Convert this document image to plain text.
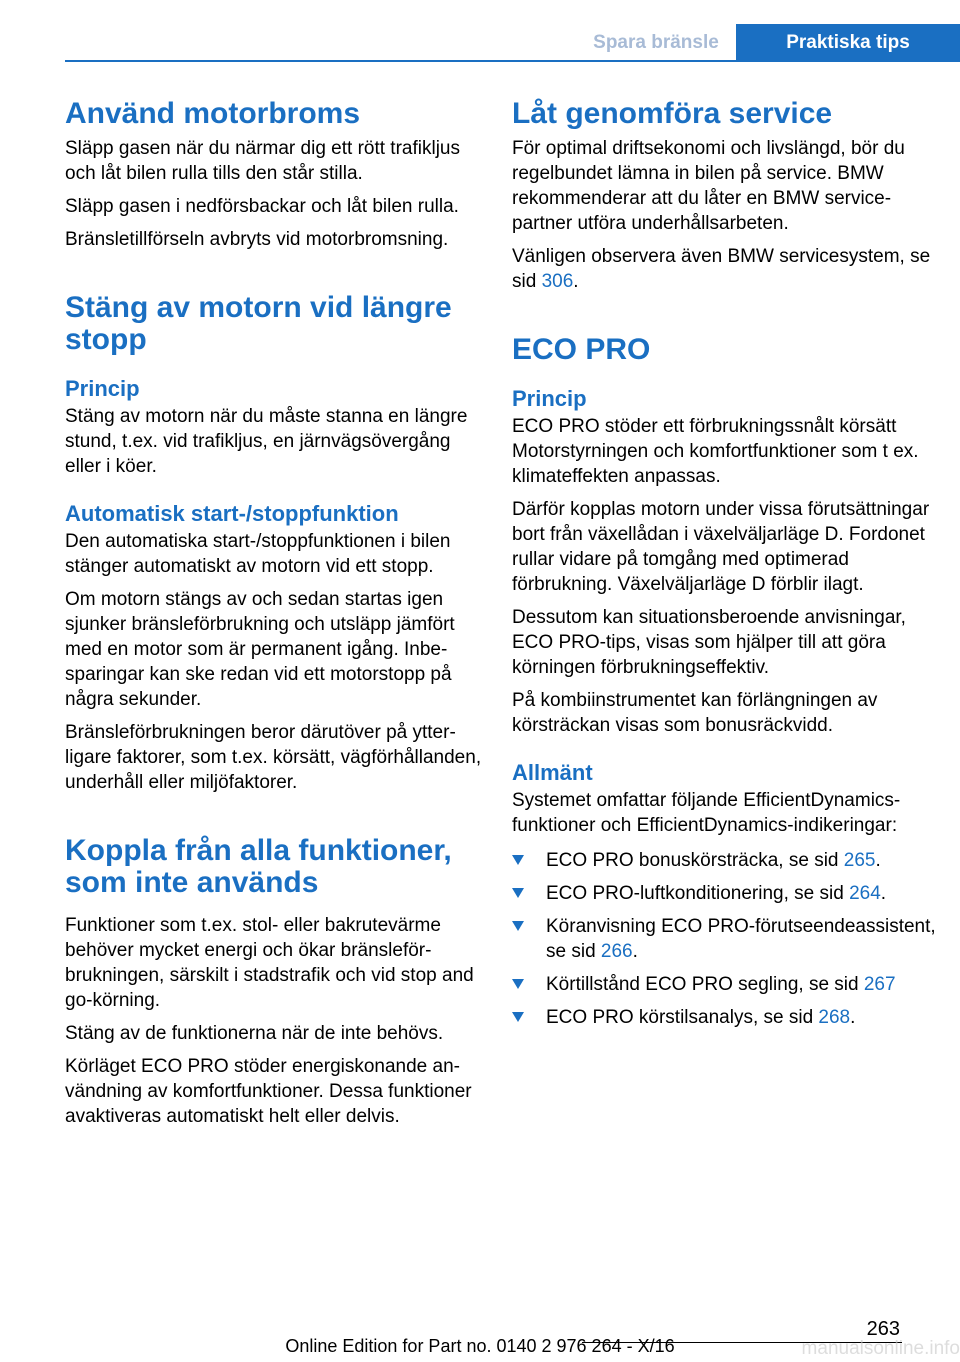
Spara bränsle	Praktiska tips
Använd motorbroms

Släpp gasen när du närmar dig ett rött trafikljus och låt bilen rulla tills den står stilla.

Släpp gasen i nedförsbackar och låt bilen rulla.

Bränsletillförseln avbryts vid motorbromsning.

Stäng av motorn vid längre stopp
Princip

Stäng av motorn när du måste stanna en längre stund, t.ex. vid trafikljus, en järnvägsövergång eller i köer.

Automatisk start-/stoppfunktion

Den automatiska start-/stoppfunktionen i bilen stänger automatiskt av motorn vid ett stopp.

Om motorn stängs av och sedan startas igen sjunker bränsleförbrukning och utsläpp jämfört med en motor som är permanent igång. Inbesparingar kan ske redan vid ett motorstopp på några sekunder.

Bränsleförbrukningen beror därutöver på ytterligare faktorer, som t.ex. körsätt, vägförhållanden, underhåll eller miljöfaktorer.

Koppla från alla funktioner, som inte används

Funktioner som t.ex. stol- eller bakrutevärme behöver mycket energi och ökar bränsleförbrukningen, särskilt i stadstrafik och vid stop and go-körning.

Stäng av de funktionerna när de inte behövs.

Körläget ECO PRO stöder energiskonande användning av komfortfunktioner. Dessa funktioner avaktiveras automatiskt helt eller delvis.

Låt genomföra service

För optimal driftsekonomi och livslängd, bör du regelbundet lämna in bilen på service. BMW rekommenderar att du låter en BMW servicepartner utföra underhållsarbeten.

Vänligen observera även BMW servicesystem, se sid 306.

ECO PRO
Princip

ECO PRO stöder ett förbrukningssnålt körsätt Motorstyrningen och komfortfunktioner som t ex. klimateffekten anpassas.

Därför kopplas motorn under vissa förutsättningar bort från växellådan i växelväljarläge D. Fordonet rullar vidare på tomgång med optimerad förbrukning. Växelväljarläge D förblir ilagt.

Dessutom kan situationsberoende anvisningar, ECO PRO-tips, visas som hjälper till att göra körningen förbrukningseffektiv.

På kombiinstrumentet kan förlängningen av körsträckan visas som bonusräckvidd.

Allmänt

Systemet omfattar följande EfficientDynamics-funktioner och EfficientDynamics-indikeringar:

ECO PRO bonuskörsträcka, se sid 265.
ECO PRO-luftkonditionering, se sid 264.
Köranvisning ECO PRO-förutseendeassistent, se sid 266.
Körtillstånd ECO PRO segling, se sid 267
ECO PRO körstilsanalys, se sid 268.
263
Online Edition for Part no. 0140 2 976 264 - X/16	manualsonline.info
